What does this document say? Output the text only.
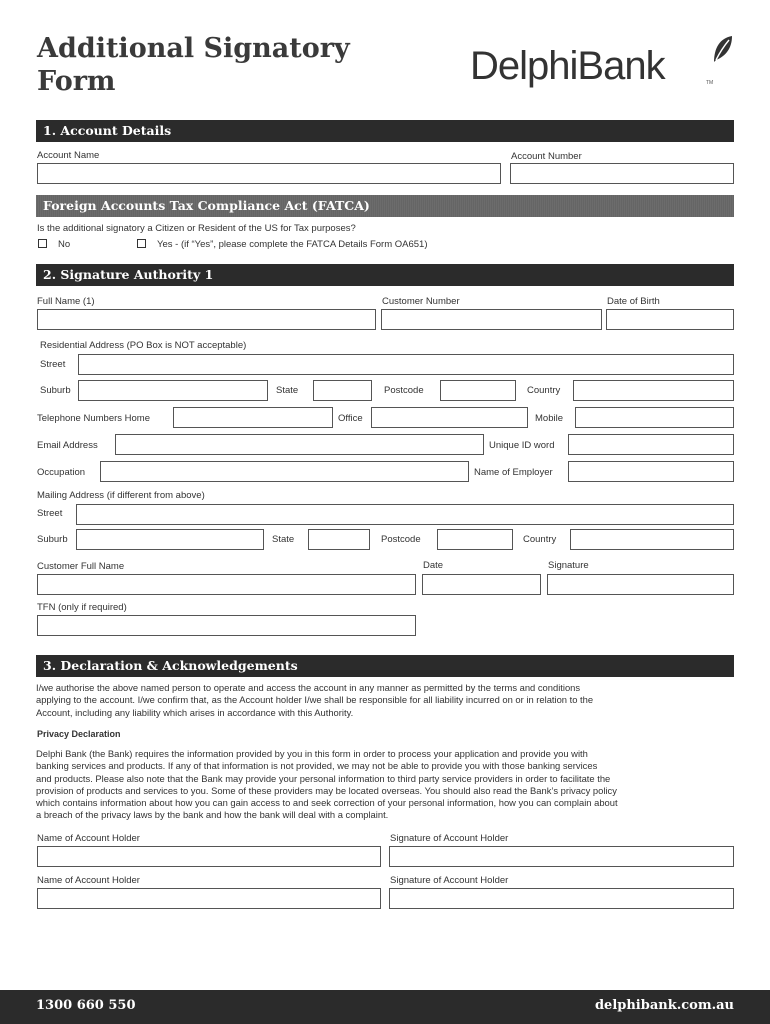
Additional Signatory
Form	DelphiBank	TM
1. Account Details
Account Name	Account Number
Foreign Accounts Tax Compliance Act (FATCA)
Is the additional signatory a Citizen or Resident of the US for Tax purposes?
No	Yes - (if “Yes”, please complete the FATCA Details Form OA651)
2. Signature Authority 1
Full Name (1)	Customer Number	Date of Birth
Residential Address (PO Box is NOT acceptable)
Street
Suburb	State	Postcode	Country
Telephone Numbers Home	Office	Mobile
Email Address	Unique ID word
Occupation	Name of Employer
Mailing Address (if different from above)
Street
Suburb	State	Postcode	Country
Customer Full Name	Date	Signature
TFN (only if required)
3. Declaration & Acknowledgements
I/we authorise the above named person to operate and access the account in any manner as permitted by the terms and conditions
applying to the account. I/we confirm that, as the Account holder I/we shall be responsible for all liability incurred on or in relation to the
Account, including any liability which arises in accordance with this Authority.
Privacy Declaration
Delphi Bank (the Bank) requires the information provided by you in this form in order to process your application and provide you with
banking services and products. If any of that information is not provided, we may not be able to provide you with those banking services
and products. Please also note that the Bank may provide your personal information to third party service providers in order to facilitate the
provision of products and services to you. Some of these providers may be located overseas. You should also read the Bank’s privacy policy
which contains information about how you can gain access to and seek correction of your personal information, how you can complain about
a breach of the privacy laws by the bank and how the bank will deal with a complaint.
Name of Account Holder	Signature of Account Holder
Name of Account Holder	Signature of Account Holder
1300 660 550	delphibank.com.au
